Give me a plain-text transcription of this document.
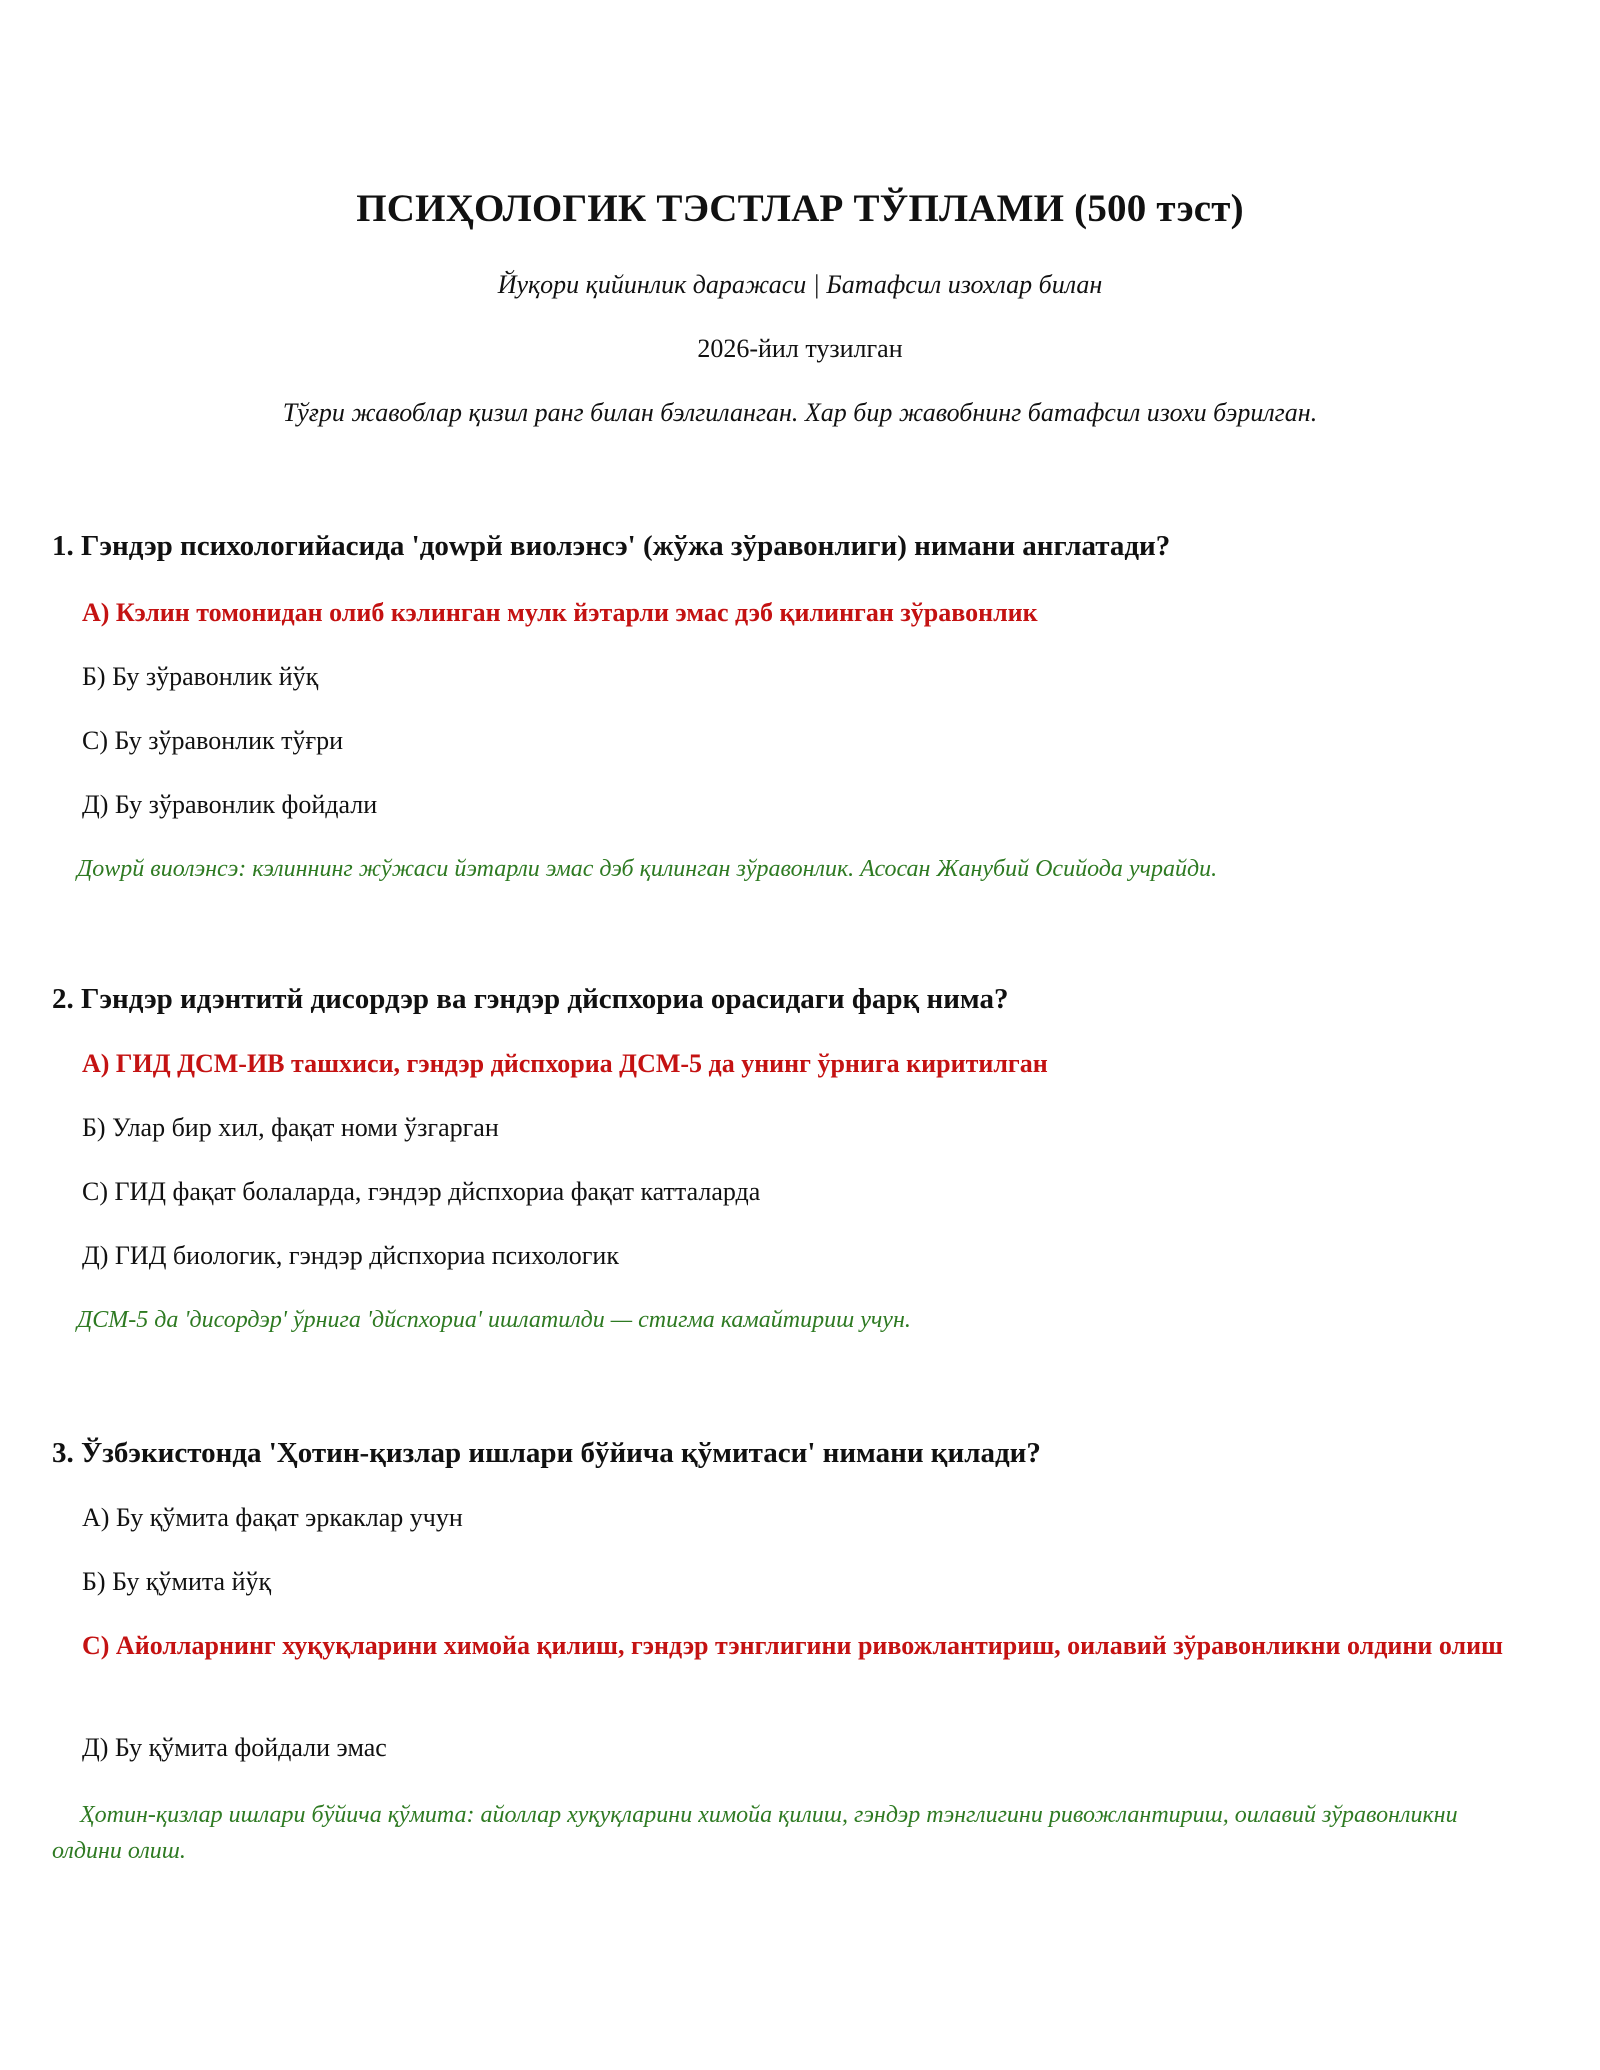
ПСИҲОЛОГИК ТЭСТЛАР ТЎПЛАМИ (500 тэст)
Йуқори қийинлик даражаси | Батафсил изохлар билан
2026-йил тузилган
Тўғри жавоблар қизил ранг билан бэлгиланган. Хар бир жавобнинг батафсил изохи бэрилган.
1. Гэндэр психологийасида 'доwрй виолэнсэ' (жўжа зўравонлиги) нимани англатади?
А) Кэлин томонидан олиб кэлинган мулк йэтарли эмас дэб қилинган зўравонлик
Б) Бу зўравонлик йўқ
С) Бу зўравонлик тўғри
Д) Бу зўравонлик фойдали
Доwрй виолэнсэ: кэлиннинг жўжаси йэтарли эмас дэб қилинган зўравонлик. Асосан Жанубий Осийода учрайди.
2. Гэндэр идэнтитй дисордэр ва гэндэр дйспхориа орасидаги фарқ нима?
А) ГИД ДСМ-ИВ ташхиси, гэндэр дйспхориа ДСМ-5 да унинг ўрнига киритилган
Б) Улар бир хил, фақат номи ўзгарган
С) ГИД фақат болаларда, гэндэр дйспхориа фақат катталарда
Д) ГИД биологик, гэндэр дйспхориа психологик
ДСМ-5 да 'дисордэр' ўрнига 'дйспхориа' ишлатилди — стигма камайтириш учун.
3. Ўзбэкистонда 'Ҳотин-қизлар ишлари бўйича қўмитаси' нимани қилади?
А) Бу қўмита фақат эркаклар учун
Б) Бу қўмита йўқ
С) Айолларнинг хуқуқларини химойа қилиш, гэндэр тэнглигини ривожлантириш, оилавий зўравонликни олдини олиш
Д) Бу қўмита фойдали эмас
Ҳотин-қизлар ишлари бўйича қўмита: айоллар хуқуқларини химойа қилиш, гэндэр тэнглигини ривожлантириш, оилавий зўравонликни олдини олиш.
